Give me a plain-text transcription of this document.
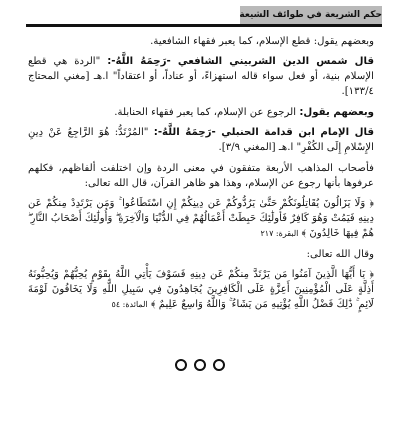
حكم الشريعة في طوائف الشيعة

وبعضهم يقول: قطع الإسلام، كما يعبر فقهاء الشافعية.

قال شمس الدين الشربيني الشافعي -رَحِمَهُ اللَّهُ-: "الردة هي قطع الإسلام بنية، أو فعل سواء قاله استهزاءً، أو عناداً، أو اعتقاداً" ا.هـ [مغني المحتاج ١٣٣/٤].

وبعضهم يقول: الرجوع عن الإسلام، كما يعبر فقهاء الحنابلة.

قال الإمام ابن قدامة الحنبلي -رَحِمَهُ اللَّهُ-: "المُرْتَدُّ: هُوَ الرَّاجِعُ عَنْ دِينِ الإِسْلامِ إِلَى الكُفْرِ" ا.هـ [المغني ٣/٩].

فأصحاب المذاهب الأربعة متفقون في معنى الردة وإن اختلفت ألفاظهم، فكلهم عرفوها بأنها رجوع عن الإسلام، وهذا هو ظاهر القرآن، قال الله تعالى:

﴿ وَلَا يَزَالُونَ يُقَاتِلُونَكُمْ حَتَّىٰ يَرُدُّوكُمْ عَن دِينِكُمْ إِنِ اسْتَطَاعُوا ۚ وَمَن يَرْتَدِدْ مِنكُمْ عَن دِينِهِ فَيَمُتْ وَهُوَ كَافِرٌ فَأُولَٰئِكَ حَبِطَتْ أَعْمَالُهُمْ فِي الدُّنْيَا وَالْآخِرَةِ ۖ وَأُولَٰئِكَ أَصْحَابُ النَّارِ ۖ هُمْ فِيهَا خَالِدُونَ ﴾ البقرة: ٢١٧

وقال الله تعالى:

﴿ يَا أَيُّهَا الَّذِينَ آمَنُوا مَن يَرْتَدَّ مِنكُمْ عَن دِينِهِ فَسَوْفَ يَأْتِي اللَّهُ بِقَوْمٍ يُحِبُّهُمْ وَيُحِبُّونَهُ أَذِلَّةٍ عَلَى الْمُؤْمِنِينَ أَعِزَّةٍ عَلَى الْكَافِرِينَ يُجَاهِدُونَ فِي سَبِيلِ اللَّهِ وَلَا يَخَافُونَ لَوْمَةَ لَائِمٍ ۚ ذَٰلِكَ فَضْلُ اللَّهِ يُؤْتِيهِ مَن يَشَاءُ ۚ وَاللَّهُ وَاسِعٌ عَلِيمٌ ﴾ المائدة: ٥٤
